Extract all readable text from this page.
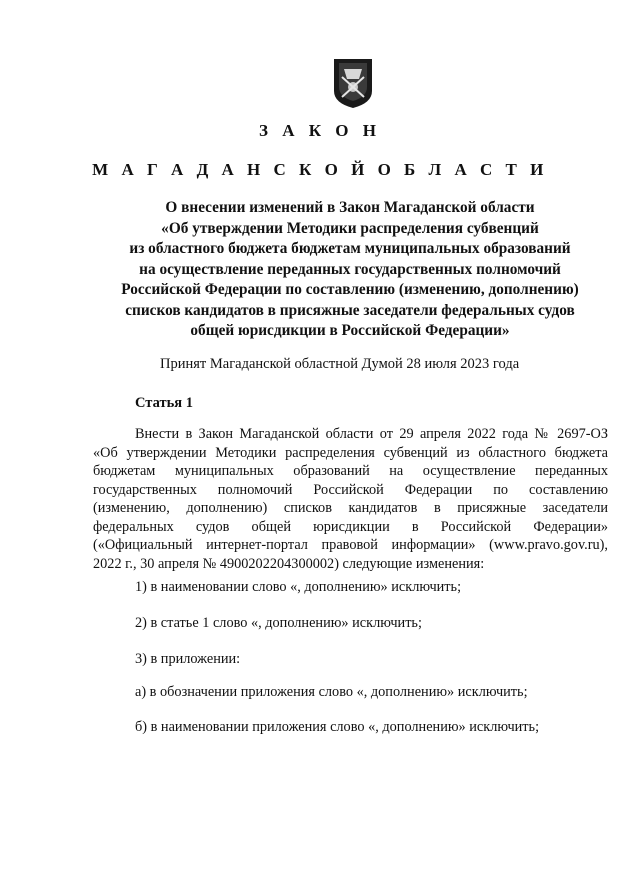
З А К О Н
М А Г А Д А Н С К О Й О Б Л А С Т И
О внесении изменений в Закон Магаданской области
«Об утверждении Методики распределения субвенций
из областного бюджета бюджетам муниципальных образований
на осуществление переданных государственных полномочий
Российской Федерации по составлению (изменению, дополнению)
списков кандидатов в присяжные заседатели федеральных судов
общей юрисдикции в Российской Федерации»
Принят Магаданской областной Думой 28 июля 2023 года
Статья 1
Внести в Закон Магаданской области от 29 апреля 2022 года № 2697-ОЗ
«Об утверждении Методики распределения субвенций из областного бюджета
бюджетам муниципальных образований на осуществление переданных
государственных полномочий Российской Федерации по составлению
(изменению, дополнению) списков кандидатов в присяжные заседатели
федеральных судов общей юрисдикции в Российской Федерации»
(«Официальный интернет-портал правовой информации» (www.pravo.gov.ru),
2022 г., 30 апреля № 4900202204300002) следующие изменения:
1) в наименовании слово «, дополнению» исключить;
2) в статье 1 слово «, дополнению» исключить;
3) в приложении:
а) в обозначении приложения слово «, дополнению» исключить;
б) в наименовании приложения слово «, дополнению» исключить;
